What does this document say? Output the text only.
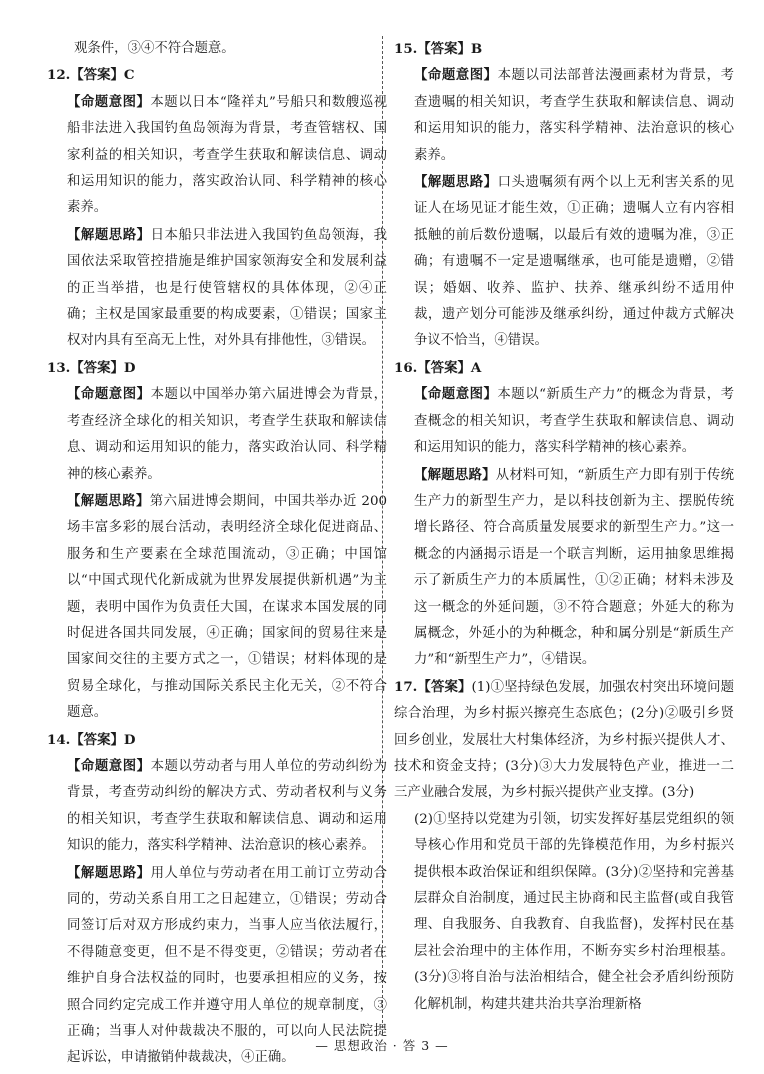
观条件，③④不符合题意。

12.【答案】C

【命题意图】本题以日本“隆祥丸”号船只和数艘巡视船非法进入我国钓鱼岛领海为背景，考查管辖权、国家利益的相关知识，考查学生获取和解读信息、调动和运用知识的能力，落实政治认同、科学精神的核心素养。

【解题思路】日本船只非法进入我国钓鱼岛领海，我国依法采取管控措施是维护国家领海安全和发展利益的正当举措，也是行使管辖权的具体体现，②④正确；主权是国家最重要的构成要素，①错误；国家主权对内具有至高无上性，对外具有排他性，③错误。

13.【答案】D

【命题意图】本题以中国举办第六届进博会为背景，考查经济全球化的相关知识，考查学生获取和解读信息、调动和运用知识的能力，落实政治认同、科学精神的核心素养。

【解题思路】第六届进博会期间，中国共举办近 200 场丰富多彩的展台活动，表明经济全球化促进商品、服务和生产要素在全球范围流动，③正确；中国馆以“中国式现代化新成就为世界发展提供新机遇”为主题，表明中国作为负责任大国，在谋求本国发展的同时促进各国共同发展，④正确；国家间的贸易往来是国家间交往的主要方式之一，①错误；材料体现的是贸易全球化，与推动国际关系民主化无关，②不符合题意。

14.【答案】D

【命题意图】本题以劳动者与用人单位的劳动纠纷为背景，考查劳动纠纷的解决方式、劳动者权利与义务的相关知识，考查学生获取和解读信息、调动和运用知识的能力，落实科学精神、法治意识的核心素养。

【解题思路】用人单位与劳动者在用工前订立劳动合同的，劳动关系自用工之日起建立，①错误；劳动合同签订后对双方形成约束力，当事人应当依法履行，不得随意变更，但不是不得变更，②错误；劳动者在维护自身合法权益的同时，也要承担相应的义务，按照合同约定完成工作并遵守用人单位的规章制度，③正确；当事人对仲裁裁决不服的，可以向人民法院提起诉讼，申请撤销仲裁裁决，④正确。

15.【答案】B

【命题意图】本题以司法部普法漫画素材为背景，考查遗嘱的相关知识，考查学生获取和解读信息、调动和运用知识的能力，落实科学精神、法治意识的核心素养。

【解题思路】口头遗嘱须有两个以上无利害关系的见证人在场见证才能生效，①正确；遗嘱人立有内容相抵触的前后数份遗嘱，以最后有效的遗嘱为准，③正确；有遗嘱不一定是遗嘱继承，也可能是遗赠，②错误；婚姻、收养、监护、扶养、继承纠纷不适用仲裁，遗产划分可能涉及继承纠纷，通过仲裁方式解决争议不恰当，④错误。

16.【答案】A

【命题意图】本题以“新质生产力”的概念为背景，考查概念的相关知识，考查学生获取和解读信息、调动和运用知识的能力，落实科学精神的核心素养。

【解题思路】从材料可知，“新质生产力即有别于传统生产力的新型生产力，是以科技创新为主、摆脱传统增长路径、符合高质量发展要求的新型生产力。”这一概念的内涵揭示语是一个联言判断，运用抽象思维揭示了新质生产力的本质属性，①②正确；材料未涉及这一概念的外延问题，③不符合题意；外延大的称为属概念，外延小的为种概念，种和属分别是“新质生产力”和“新型生产力”，④错误。

17.【答案】(1)①坚持绿色发展，加强农村突出环境问题综合治理，为乡村振兴擦亮生态底色；(2分)②吸引乡贤回乡创业，发展壮大村集体经济，为乡村振兴提供人才、技术和资金支持；(3分)③大力发展特色产业，推进一二三产业融合发展，为乡村振兴提供产业支撑。(3分)

(2)①坚持以党建为引领，切实发挥好基层党组织的领导核心作用和党员干部的先锋模范作用，为乡村振兴提供根本政治保证和组织保障。(3分)②坚持和完善基层群众自治制度，通过民主协商和民主监督(或自我管理、自我服务、自我教育、自我监督)，发挥村民在基层社会治理中的主体作用，不断夯实乡村治理根基。(3分)③将自治与法治相结合，健全社会矛盾纠纷预防化解机制，构建共建共治共享治理新格

— 思想政治 · 答 3 —
